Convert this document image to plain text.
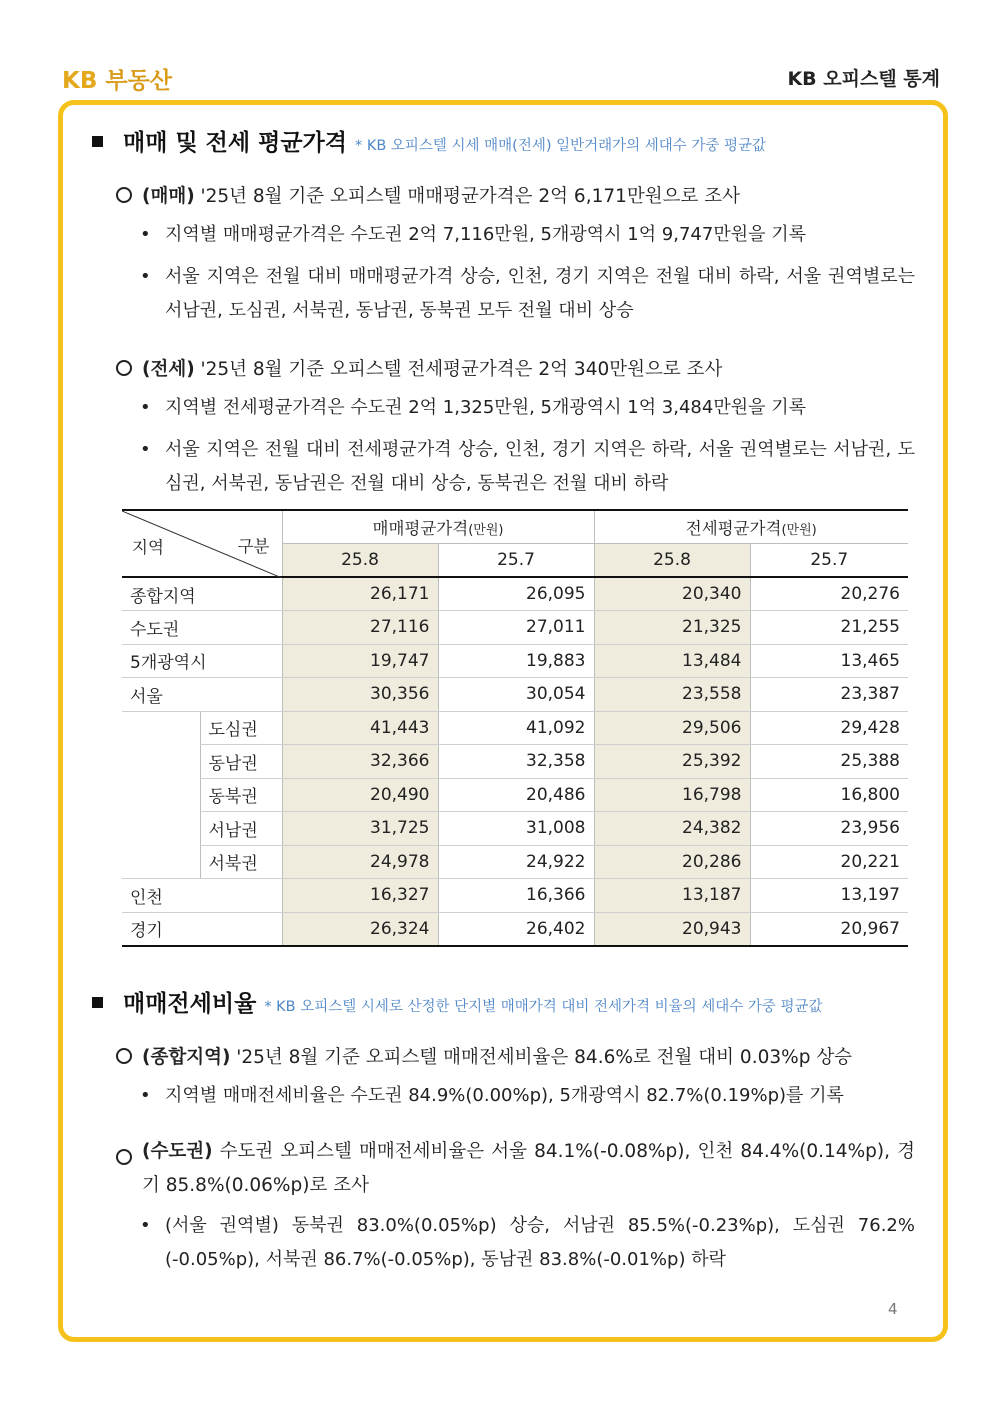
KB 부동산	KB 오피스텔 통계
매매 및 전세 평균가격 * KB 오피스텔 시세 매매(전세) 일반거래가의 세대수 가중 평균값
(매매) '25년 8월 기준 오피스텔 매매평균가격은 2억 6,171만원으로 조사
• 지역별 매매평균가격은 수도권 2억 7,116만원, 5개광역시 1억 9,747만원을 기록
• 서울 지역은 전월 대비 매매평균가격 상승, 인천, 경기 지역은 전월 대비 하락, 서울 권역별로는 서남권, 도심권, 서북권, 동남권, 동북권 모두 전월 대비 상승
(전세) '25년 8월 기준 오피스텔 전세평균가격은 2억 340만원으로 조사
• 지역별 전세평균가격은 수도권 2억 1,325만원, 5개광역시 1억 3,484만원을 기록
• 서울 지역은 전월 대비 전세평균가격 상승, 인천, 경기 지역은 하락, 서울 권역별로는 서남권, 도심권, 서북권, 동남권은 전월 대비 상승, 동북권은 전월 대비 하락
지역 구분		매매평균가격(만원)		전세평균가격(만원)	
		25.8	25.7	25.8	25.7
종합지역		26,171	26,095	20,340	20,276
수도권		27,116	27,011	21,325	21,255
5개광역시		19,747	19,883	13,484	13,465
서울		30,356	30,054	23,558	23,387
	도심권	41,443	41,092	29,506	29,428
	동남권	32,366	32,358	25,392	25,388
	동북권	20,490	20,486	16,798	16,800
	서남권	31,725	31,008	24,382	23,956
	서북권	24,978	24,922	20,286	20,221
인천		16,327	16,366	13,187	13,197
경기		26,324	26,402	20,943	20,967
매매전세비율 * KB 오피스텔 시세로 산정한 단지별 매매가격 대비 전세가격 비율의 세대수 가중 평균값
(종합지역) '25년 8월 기준 오피스텔 매매전세비율은 84.6%로 전월 대비 0.03%p 상승
• 지역별 매매전세비율은 수도권 84.9%(0.00%p), 5개광역시 82.7%(0.19%p)를 기록
(수도권) 수도권 오피스텔 매매전세비율은 서울 84.1%(-0.08%p), 인천 84.4%(0.14%p), 경기 85.8%(0.06%p)로 조사
• (서울 권역별) 동북권 83.0%(0.05%p) 상승, 서남권 85.5%(-0.23%p), 도심권 76.2%(-0.05%p), 서북권 86.7%(-0.05%p), 동남권 83.8%(-0.01%p) 하락
4
